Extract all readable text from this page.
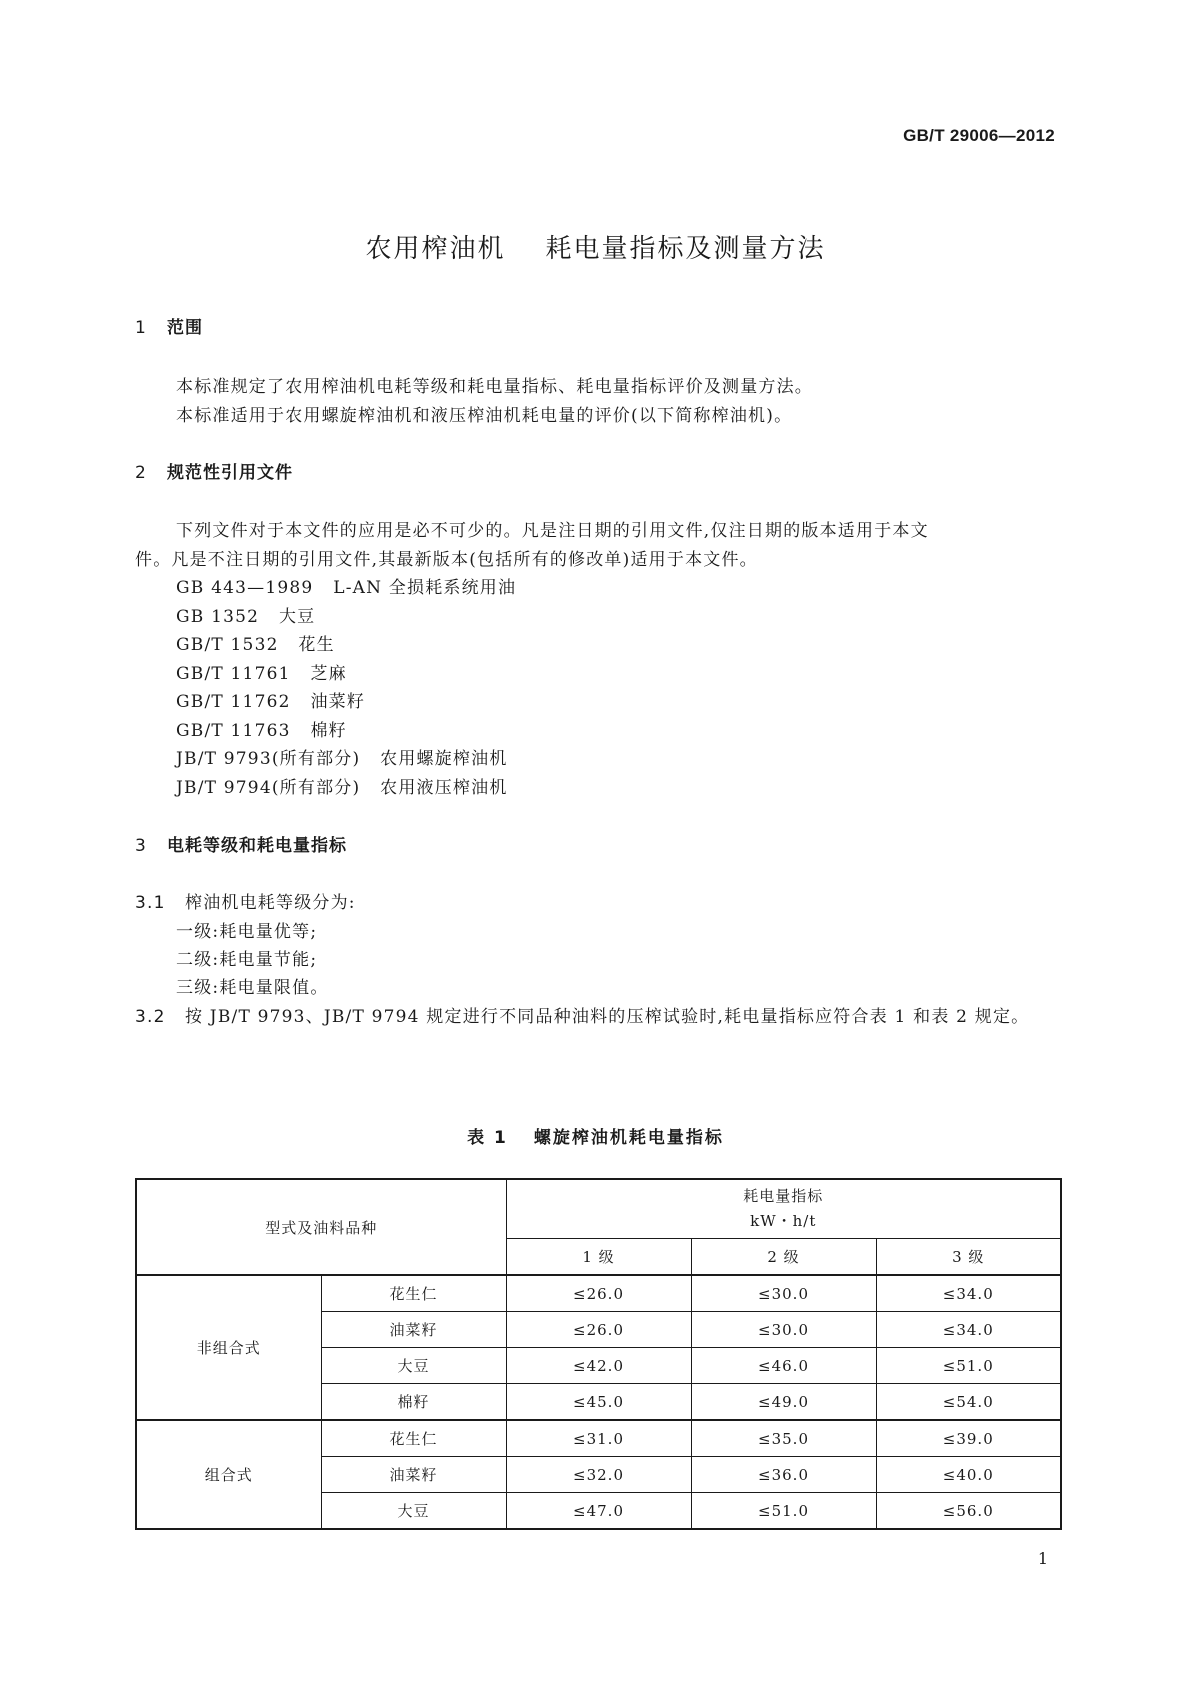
GB/T 29006—2012
农用榨油机 耗电量指标及测量方法
1 范围
本标准规定了农用榨油机电耗等级和耗电量指标、耗电量指标评价及测量方法。
本标准适用于农用螺旋榨油机和液压榨油机耗电量的评价(以下简称榨油机)。
2 规范性引用文件
下列文件对于本文件的应用是必不可少的。凡是注日期的引用文件,仅注日期的版本适用于本文
件。凡是不注日期的引用文件,其最新版本(包括所有的修改单)适用于本文件。
GB 443—1989 L-AN 全损耗系统用油
GB 1352 大豆
GB/T 1532 花生
GB/T 11761 芝麻
GB/T 11762 油菜籽
GB/T 11763 棉籽
JB/T 9793(所有部分) 农用螺旋榨油机
JB/T 9794(所有部分) 农用液压榨油机
3 电耗等级和耗电量指标
3.1 榨油机电耗等级分为:
一级:耗电量优等;
二级:耗电量节能;
三级:耗电量限值。
3.2 按 JB/T 9793、JB/T 9794 规定进行不同品种油料的压榨试验时,耗电量指标应符合表 1 和表 2 规定。
表 1 螺旋榨油机耗电量指标
型式及油料品种		耗电量指标
kW・h/t		

		1 级	2 级	3 级
非组合式	花生仁	≤26.0	≤30.0	≤34.0
	油菜籽	≤26.0	≤30.0	≤34.0
	大豆	≤42.0	≤46.0	≤51.0
	棉籽	≤45.0	≤49.0	≤54.0
组合式	花生仁	≤31.0	≤35.0	≤39.0
	油菜籽	≤32.0	≤36.0	≤40.0
	大豆	≤47.0	≤51.0	≤56.0
1
